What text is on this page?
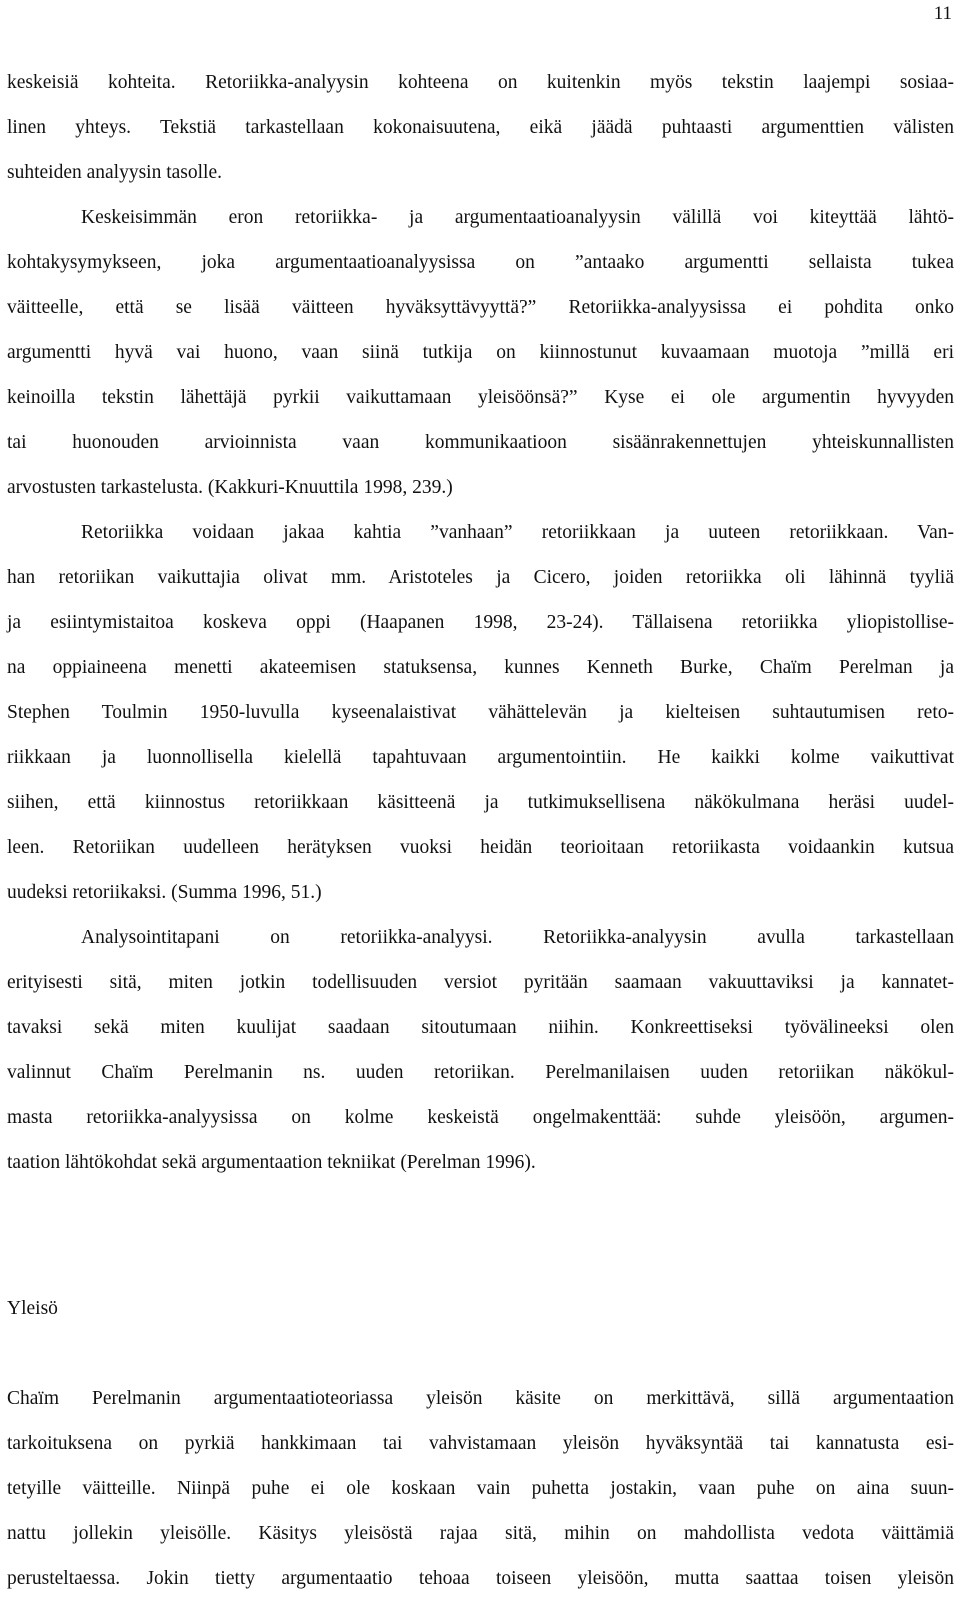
11
keskeisiä kohteita. Retoriikka-analyysin kohteena on kuitenkin myös tekstin laajempi sosiaa-
linen yhteys. Tekstiä tarkastellaan kokonaisuutena, eikä jäädä puhtaasti argumenttien välisten
suhteiden analyysin tasolle.
Keskeisimmän eron retoriikka- ja argumentaatioanalyysin välillä voi kiteyttää lähtö-
kohtakysymykseen, joka argumentaatioanalyysissa on ”antaako argumentti sellaista tukea
väitteelle, että se lisää väitteen hyväksyttävyyttä?” Retoriikka-analyysissa ei pohdita onko
argumentti hyvä vai huono, vaan siinä tutkija on kiinnostunut kuvaamaan muotoja ”millä eri
keinoilla tekstin lähettäjä pyrkii vaikuttamaan yleisöönsä?” Kyse ei ole argumentin hyvyyden
tai huonouden arvioinnista vaan kommunikaatioon sisäänrakennettujen yhteiskunnallisten
arvostusten tarkastelusta. (Kakkuri-Knuuttila 1998, 239.)
Retoriikka voidaan jakaa kahtia ”vanhaan” retoriikkaan ja uuteen retoriikkaan. Van-
han retoriikan vaikuttajia olivat mm. Aristoteles ja Cicero, joiden retoriikka oli lähinnä tyyliä
ja esiintymistaitoa koskeva oppi (Haapanen 1998, 23-24). Tällaisena retoriikka yliopistollise-
na oppiaineena menetti akateemisen statuksensa, kunnes Kenneth Burke, Chaïm Perelman ja
Stephen Toulmin 1950-luvulla kyseenalaistivat vähättelevän ja kielteisen suhtautumisen reto-
riikkaan ja luonnollisella kielellä tapahtuvaan argumentointiin. He kaikki kolme vaikuttivat
siihen, että kiinnostus retoriikkaan käsitteenä ja tutkimuksellisena näkökulmana heräsi uudel-
leen. Retoriikan uudelleen herätyksen vuoksi heidän teorioitaan retoriikasta voidaankin kutsua
uudeksi retoriikaksi. (Summa 1996, 51.)
Analysointitapani on retoriikka-analyysi. Retoriikka-analyysin avulla tarkastellaan
erityisesti sitä, miten jotkin todellisuuden versiot pyritään saamaan vakuuttaviksi ja kannatet-
tavaksi sekä miten kuulijat saadaan sitoutumaan niihin. Konkreettiseksi työvälineeksi olen
valinnut Chaïm Perelmanin ns. uuden retoriikan. Perelmanilaisen uuden retoriikan näkökul-
masta retoriikka-analyysissa on kolme keskeistä ongelmakenttää: suhde yleisöön, argumen-
taation lähtökohdat sekä argumentaation tekniikat (Perelman 1996).
Yleisö
Chaïm Perelmanin argumentaatioteoriassa yleisön käsite on merkittävä, sillä argumentaation
tarkoituksena on pyrkiä hankkimaan tai vahvistamaan yleisön hyväksyntää tai kannatusta esi-
tetyille väitteille. Niinpä puhe ei ole koskaan vain puhetta jostakin, vaan puhe on aina suun-
nattu jollekin yleisölle. Käsitys yleisöstä rajaa sitä, mihin on mahdollista vedota väittämiä
perusteltaessa. Jokin tietty argumentaatio tehoaa toiseen yleisöön, mutta saattaa toisen yleisön
